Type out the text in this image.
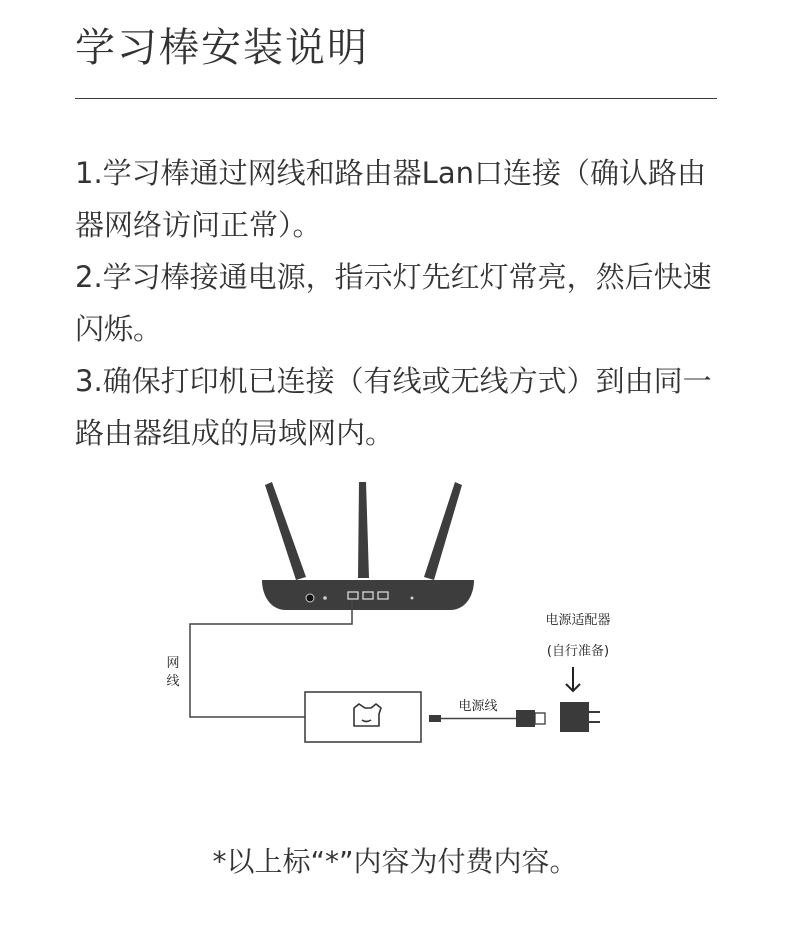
学习棒安装说明

1.学习棒通过网线和路由器Lan口连接（确认路由器网络访问正常）。

2.学习棒接通电源，指示灯先红灯常亮，然后快速闪烁。

3.确保打印机已连接（有线或无线方式）到由同一路由器组成的局域网内。

网
线
电源线
电源适配器
(自行准备)
*以上标“*”内容为付费内容。
